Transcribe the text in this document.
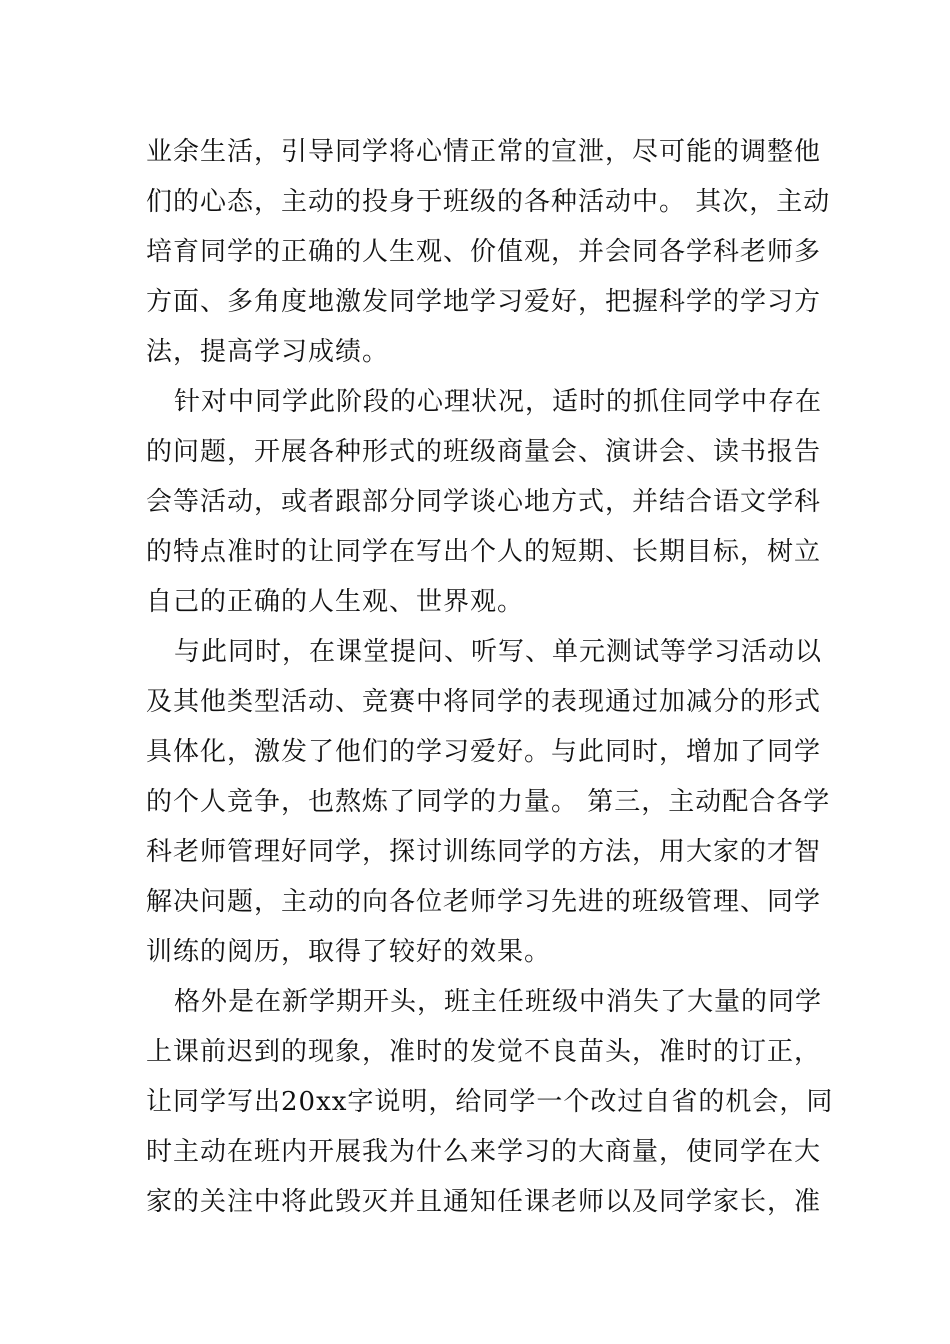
业余生活，引导同学将心情正常的宣泄，尽可能的调整他
们的心态，主动的投身于班级的各种活动中。 其次，主动
培育同学的正确的人生观、价值观，并会同各学科老师多
方面、多角度地激发同学地学习爱好，把握科学的学习方
法，提高学习成绩。
针对中同学此阶段的心理状况，适时的抓住同学中存在
的问题，开展各种形式的班级商量会、演讲会、读书报告
会等活动，或者跟部分同学谈心地方式，并结合语文学科
的特点准时的让同学在写出个人的短期、长期目标，树立
自己的正确的人生观、世界观。
与此同时，在课堂提问、听写、单元测试等学习活动以
及其他类型活动、竞赛中将同学的表现通过加减分的形式
具体化，激发了他们的学习爱好。与此同时，增加了同学
的个人竞争，也熬炼了同学的力量。 第三，主动配合各学
科老师管理好同学，探讨训练同学的方法，用大家的才智
解决问题，主动的向各位老师学习先进的班级管理、同学
训练的阅历，取得了较好的效果。
格外是在新学期开头，班主任班级中消失了大量的同学
上课前迟到的现象，准时的发觉不良苗头，准时的订正，
让同学写出20xx字说明，给同学一个改过自省的机会，同
时主动在班内开展我为什么来学习的大商量，使同学在大
家的关注中将此毁灭并且通知任课老师以及同学家长，准
